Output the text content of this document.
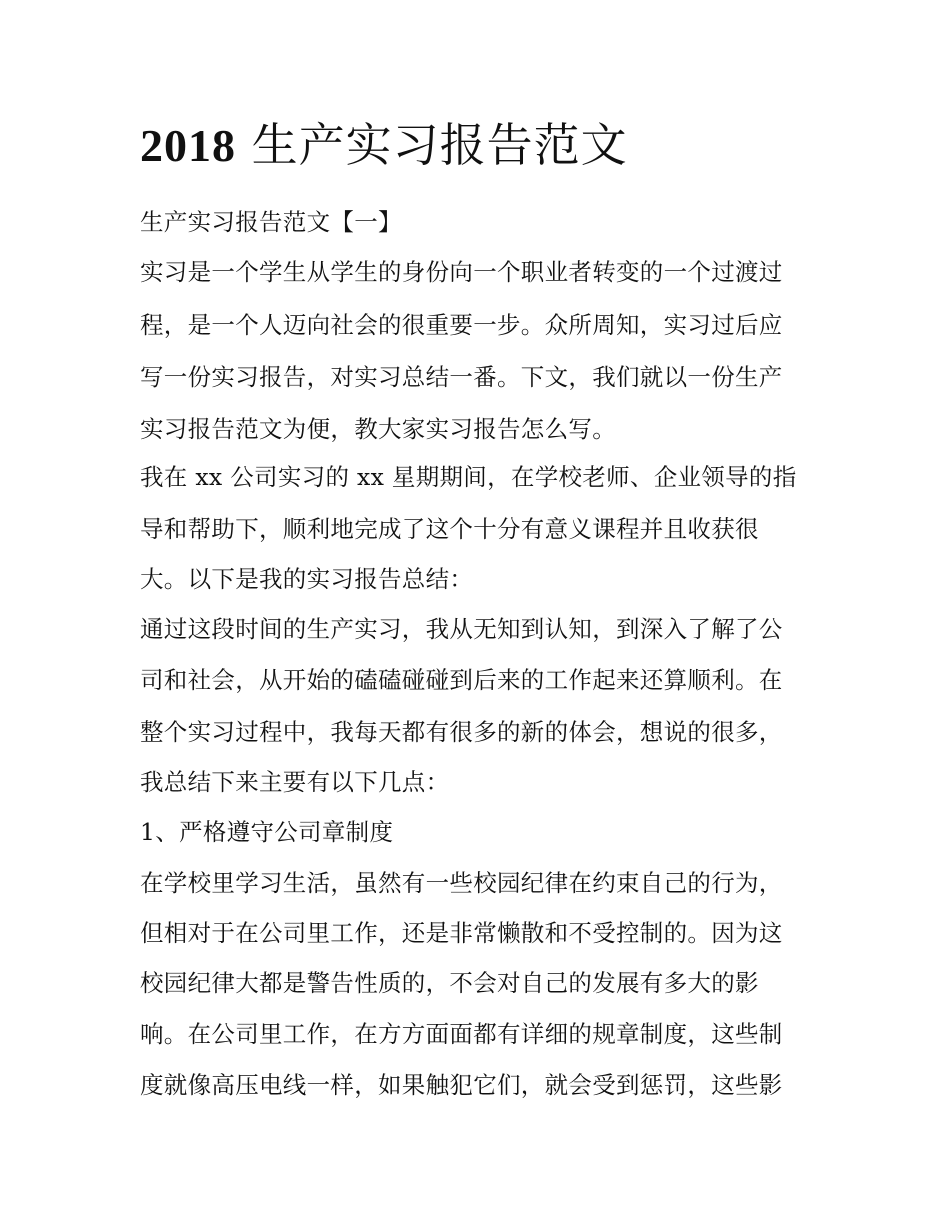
2018 生产实习报告范文
生产实习报告范文【一】
实习是一个学生从学生的身份向一个职业者转变的一个过渡过
程，是一个人迈向社会的很重要一步。众所周知，实习过后应
写一份实习报告，对实习总结一番。下文，我们就以一份生产
实习报告范文为便，教大家实习报告怎么写。
我在 xx 公司实习的 xx 星期期间，在学校老师、企业领导的指
导和帮助下，顺利地完成了这个十分有意义课程并且收获很
大。以下是我的实习报告总结：
通过这段时间的生产实习，我从无知到认知，到深入了解了公
司和社会，从开始的磕磕碰碰到后来的工作起来还算顺利。在
整个实习过程中，我每天都有很多的新的体会，想说的很多，
我总结下来主要有以下几点：
1、严格遵守公司章制度
在学校里学习生活，虽然有一些校园纪律在约束自己的行为，
但相对于在公司里工作，还是非常懒散和不受控制的。因为这
校园纪律大都是警告性质的，不会对自己的发展有多大的影
响。在公司里工作，在方方面面都有详细的规章制度，这些制
度就像高压电线一样，如果触犯它们，就会受到惩罚，这些影
